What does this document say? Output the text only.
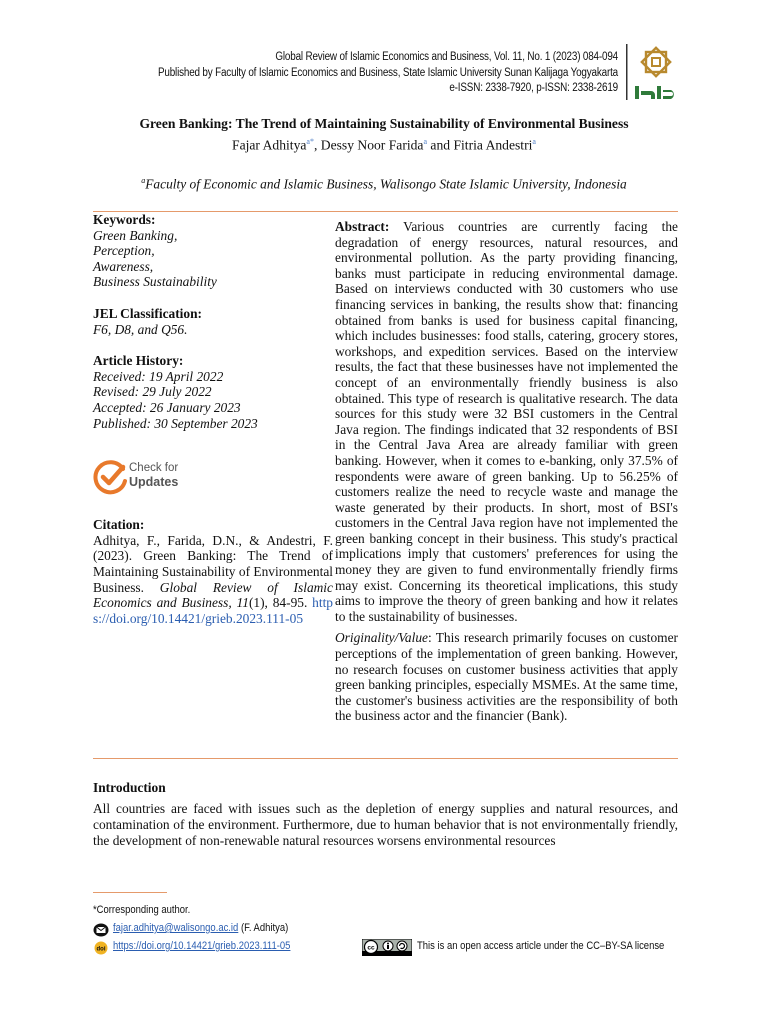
Global Review of Islamic Economics and Business, Vol. 11, No. 1 (2023) 084-094
Published by Faculty of Islamic Economics and Business, State Islamic University Sunan Kalijaga Yogyakarta
e-ISSN: 2338-7920, p-ISSN: 2338-2619
Green Banking: The Trend of Maintaining Sustainability of Environmental Business
Fajar Adhitya$^{a*}$, Dessy Noor Farida$^a$ and Fitria Andestri$^a$
$^a$Faculty of Economic and Islamic Business, Walisongo State Islamic University, Indonesia
Keywords:
Green Banking,
Perception,
Awareness,
Business Sustainability
JEL Classification:
F6, D8, and Q56.
Article History:
Received: 19 April 2022
Revised: 29 July 2022
Accepted: 26 January 2023
Published: 30 September 2023
Citation:
Adhitya, F., Farida, D.N., & Andestri, F. (2023). Green Banking: The Trend of Maintaining Sustainability of Environmental Business. Global Review of Islamic Economics and Business, 11(1), 84-95. https://doi.org/10.14421/grieb.2023.111-05
Check for
Updates

Abstract: Various countries are currently facing the degradation of energy resources, natural resources, and environmental pollution. As the party providing financing, banks must participate in reducing environmental damage. Based on interviews conducted with 30 customers who use financing services in banking, the results show that: financing obtained from banks is used for business capital financing, which includes businesses: food stalls, catering, grocery stores, workshops, and expedition services. Based on the interview results, the fact that these businesses have not implemented the concept of an environmentally friendly business is also obtained. This type of research is qualitative research. The data sources for this study were 32 BSI customers in the Central Java region. The findings indicated that 32 respondents of BSI in the Central Java Area are already familiar with green banking. However, when it comes to e-banking, only 37.5% of respondents were aware of green banking. Up to 56.25% of customers realize the need to recycle waste and manage the waste generated by their products. In short, most of BSI's customers in the Central Java region have not implemented the green banking concept in their business. This study's practical implications imply that customers' preferences for using the money they are given to fund environmentally friendly firms may exist. Concerning its theoretical implications, this study aims to improve the theory of green banking and how it relates to the sustainability of businesses.

Originality/Value: This research primarily focuses on customer perceptions of the implementation of green banking. However, no research focuses on customer business activities that apply green banking principles, especially MSMEs. At the same time, the customer's business activities are the responsibility of both the business actor and the financier (Bank).

Introduction
All countries are faced with issues such as the depletion of energy supplies and natural resources, and contamination of the environment. Furthermore, due to human behavior that is not environmentally friendly, the development of non-renewable natural resources worsens environmental resources
*Corresponding author.
fajar.adhitya@walisongo.ac.id (F. Adhitya)
doi https://doi.org/10.14421/grieb.2023.111-05	cc	This is an open access article under the CC–BY-SA license
